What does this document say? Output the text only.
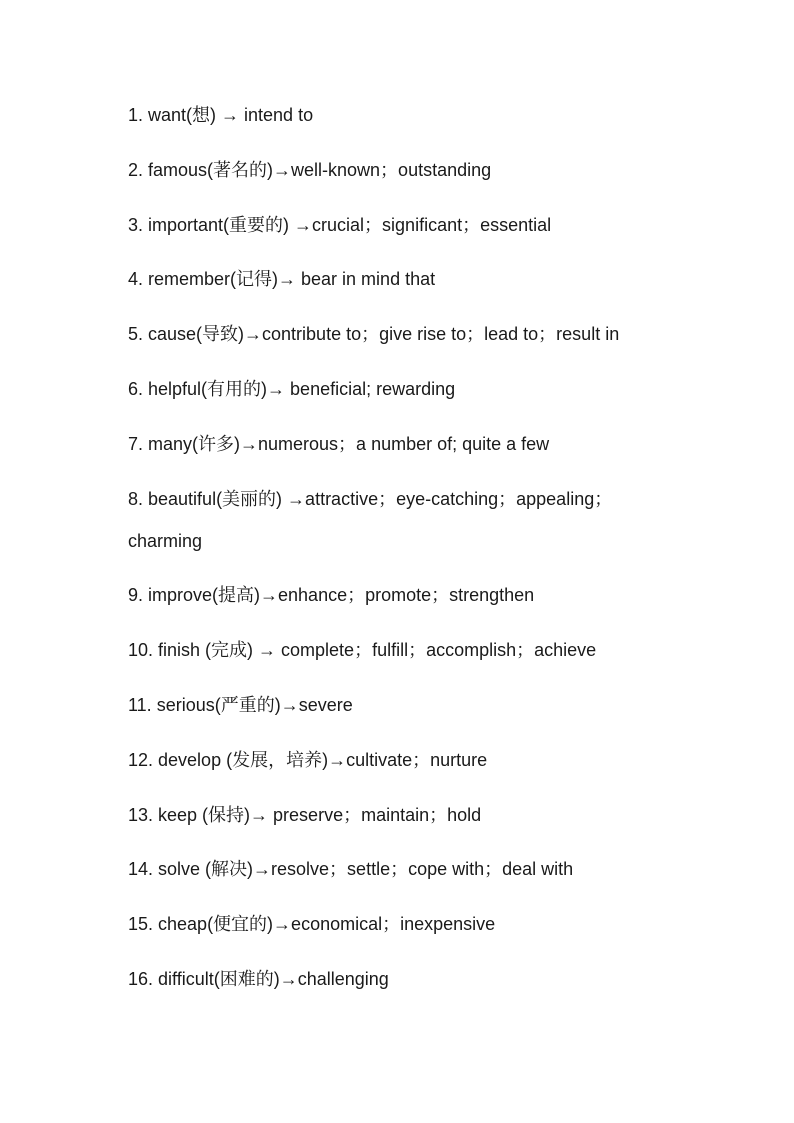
1. want(想) → intend to
2. famous(著名的)→well-known；outstanding
3. important(重要的) →crucial；significant；essential
4. remember(记得)→ bear in mind that
5. cause(导致)→contribute to；give rise to；lead to；result in
6. helpful(有用的)→ beneficial; rewarding
7. many(许多)→numerous；a number of; quite a few
8. beautiful(美丽的) →attractive；eye-catching；appealing；
charming
9. improve(提高)→enhance；promote；strengthen
10. finish (完成) → complete；fulfill；accomplish；achieve
11. serious(严重的)→severe
12. develop (发展，培养)→cultivate；nurture
13. keep (保持)→ preserve；maintain；hold
14. solve (解决)→resolve；settle；cope with；deal with
15. cheap(便宜的)→economical；inexpensive
16. difficult(困难的)→challenging
